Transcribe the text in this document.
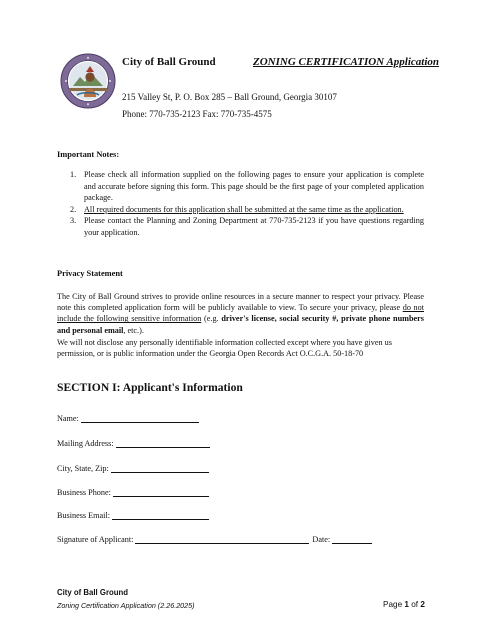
City of Ball Ground	ZONING CERTIFICATION Application
215 Valley St, P. O. Box 285 – Ball Ground, Georgia 30107
Phone: 770-735-2123 Fax: 770-735-4575
Important Notes:
1. Please check all information supplied on the following pages to ensure your application is complete and accurate before signing this form. This page should be the first page of your completed application package.
2. All required documents for this application shall be submitted at the same time as the application.
3. Please contact the Planning and Zoning Department at 770-735-2123 if you have questions regarding your application.
Privacy Statement

The City of Ball Ground strives to provide online resources in a secure manner to respect your privacy. Please note this completed application form will be publicly available to view. To secure your privacy, please do not include the following sensitive information (e.g. driver's license, social security #, private phone numbers and personal email, etc.).

We will not disclose any personally identifiable information collected except where you have given us permission, or is public information under the Georgia Open Records Act O.C.G.A. 50-18-70

SECTION I: Applicant's Information
Name:
Mailing Address:
City, State, Zip:
Business Phone:
Business Email:
Signature of Applicant:	Date:
City of Ball Ground
Zoning Certification Application (2.26.2025)	Page 1 of 2
